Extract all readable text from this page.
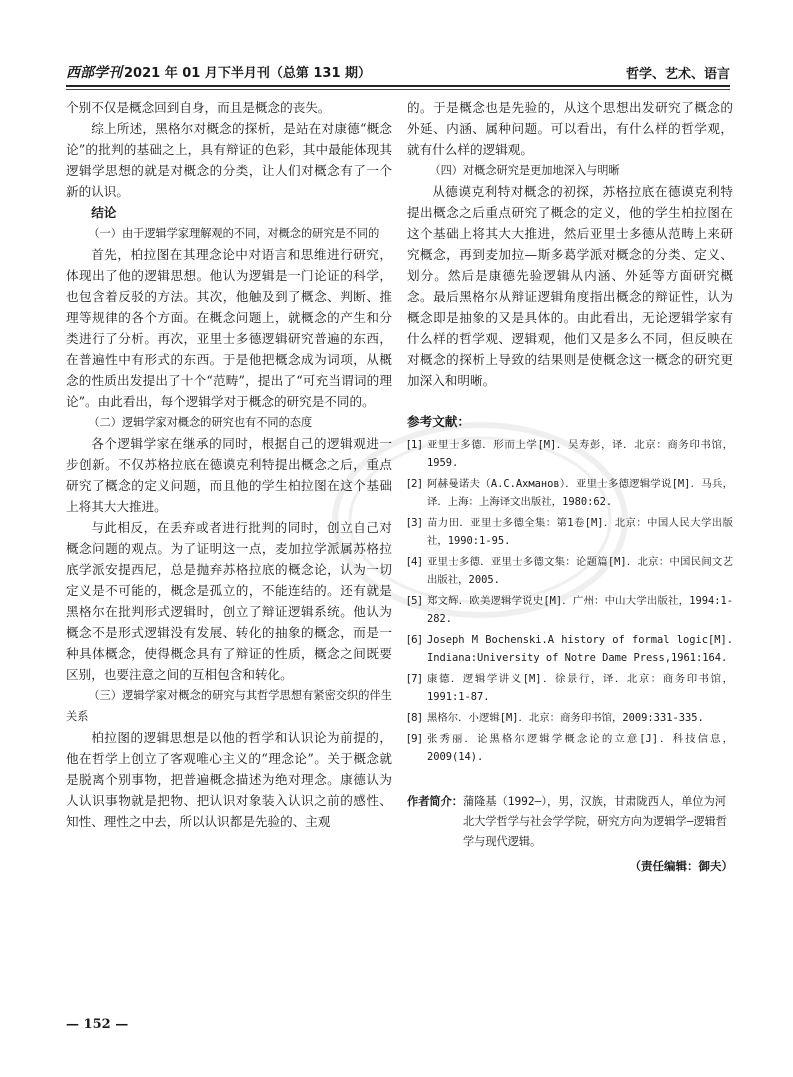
西部学刊 2021 年 01 月下半月刊（总第 131 期）	哲学、艺术、语言

个别不仅是概念回到自身，而且是概念的丧失。

综上所述，黑格尔对概念的探析，是站在对康德“概念论”的批判的基础之上，具有辩证的色彩，其中最能体现其逻辑学思想的就是对概念的分类，让人们对概念有了一个新的认识。

结论

（一）由于逻辑学家理解观的不同，对概念的研究是不同的

首先，柏拉图在其理念论中对语言和思维进行研究，体现出了他的逻辑思想。他认为逻辑是一门论证的科学，也包含着反驳的方法。其次，他触及到了概念、判断、推理等规律的各个方面。在概念问题上，就概念的产生和分类进行了分析。再次，亚里士多德逻辑研究普遍的东西，在普遍性中有形式的东西。于是他把概念成为词项，从概念的性质出发提出了十个“范畴”，提出了“可充当谓词的理论”。由此看出，每个逻辑学对于概念的研究是不同的。

（二）逻辑学家对概念的研究也有不同的态度

各个逻辑学家在继承的同时，根据自己的逻辑观进一步创新。不仅苏格拉底在德谟克利特提出概念之后，重点研究了概念的定义问题，而且他的学生柏拉图在这个基础上将其大大推进。

与此相反，在丢弃或者进行批判的同时，创立自己对概念问题的观点。为了证明这一点，麦加拉学派属苏格拉底学派安提西尼，总是抛弃苏格拉底的概念论，认为一切定义是不可能的，概念是孤立的，不能连结的。还有就是黑格尔在批判形式逻辑时，创立了辩证逻辑系统。他认为概念不是形式逻辑没有发展、转化的抽象的概念，而是一种具体概念，使得概念具有了辩证的性质，概念之间既要区别，也要注意之间的互相包含和转化。

（三）逻辑学家对概念的研究与其哲学思想有紧密交织的伴生关系

柏拉图的逻辑思想是以他的哲学和认识论为前提的，他在哲学上创立了客观唯心主义的“理念论”。关于概念就是脱离个别事物，把普遍概念描述为绝对理念。康德认为人认识事物就是把物、把认识对象装入认识之前的感性、知性、理性之中去，所以认识都是先验的、主观

的。于是概念也是先验的，从这个思想出发研究了概念的外延、内涵、属种问题。可以看出，有什么样的哲学观，就有什么样的逻辑观。

（四）对概念研究是更加地深入与明晰

从德谟克利特对概念的初探，苏格拉底在德谟克利特提出概念之后重点研究了概念的定义，他的学生柏拉图在这个基础上将其大大推进，然后亚里士多德从范畴上来研究概念，再到麦加拉—斯多葛学派对概念的分类、定义、划分。然后是康德先验逻辑从内涵、外延等方面研究概念。最后黑格尔从辩证逻辑角度指出概念的辩证性，认为概念即是抽象的又是具体的。由此看出，无论逻辑学家有什么样的哲学观、逻辑观，他们又是多么不同，但反映在对概念的探析上导致的结果则是使概念这一概念的研究更加深入和明晰。

参考文献：
[1] 亚里士多德．形而上学[M]．吴寿彭，译．北京：商务印书馆，1959.
[2] 阿赫曼诺夫（А.С.Ахманов）．亚里士多德逻辑学说[M]．马兵，译．上海：上海译文出版社，1980:62.
[3] 苗力田．亚里士多德全集：第1卷[M]．北京：中国人民大学出版社，1990:1-95.
[4] 亚里士多德．亚里士多德文集：论题篇[M]．北京：中国民间文艺出版社，2005.
[5] 郑文辉．欧美逻辑学说史[M]．广州：中山大学出版社，1994:1-282.
[6] Joseph M Bochenski.A history of formal logic[M]. Indiana:University of Notre Dame Press,1961:164.
[7] 康德．逻辑学讲义[M]．徐景行，译．北京：商务印书馆，1991:1-87.
[8] 黑格尔．小逻辑[M]．北京：商务印书馆，2009:331-335.
[9] 张秀丽．论黑格尔逻辑学概念论的立意[J]．科技信息，2009(14).
作者简介： 蒲隆基（1992—），男，汉族，甘肃陇西人，单位为河北大学哲学与社会学学院，研究方向为逻辑学—逻辑哲学与现代逻辑。
（责任编辑：御夫）
— 152 —
